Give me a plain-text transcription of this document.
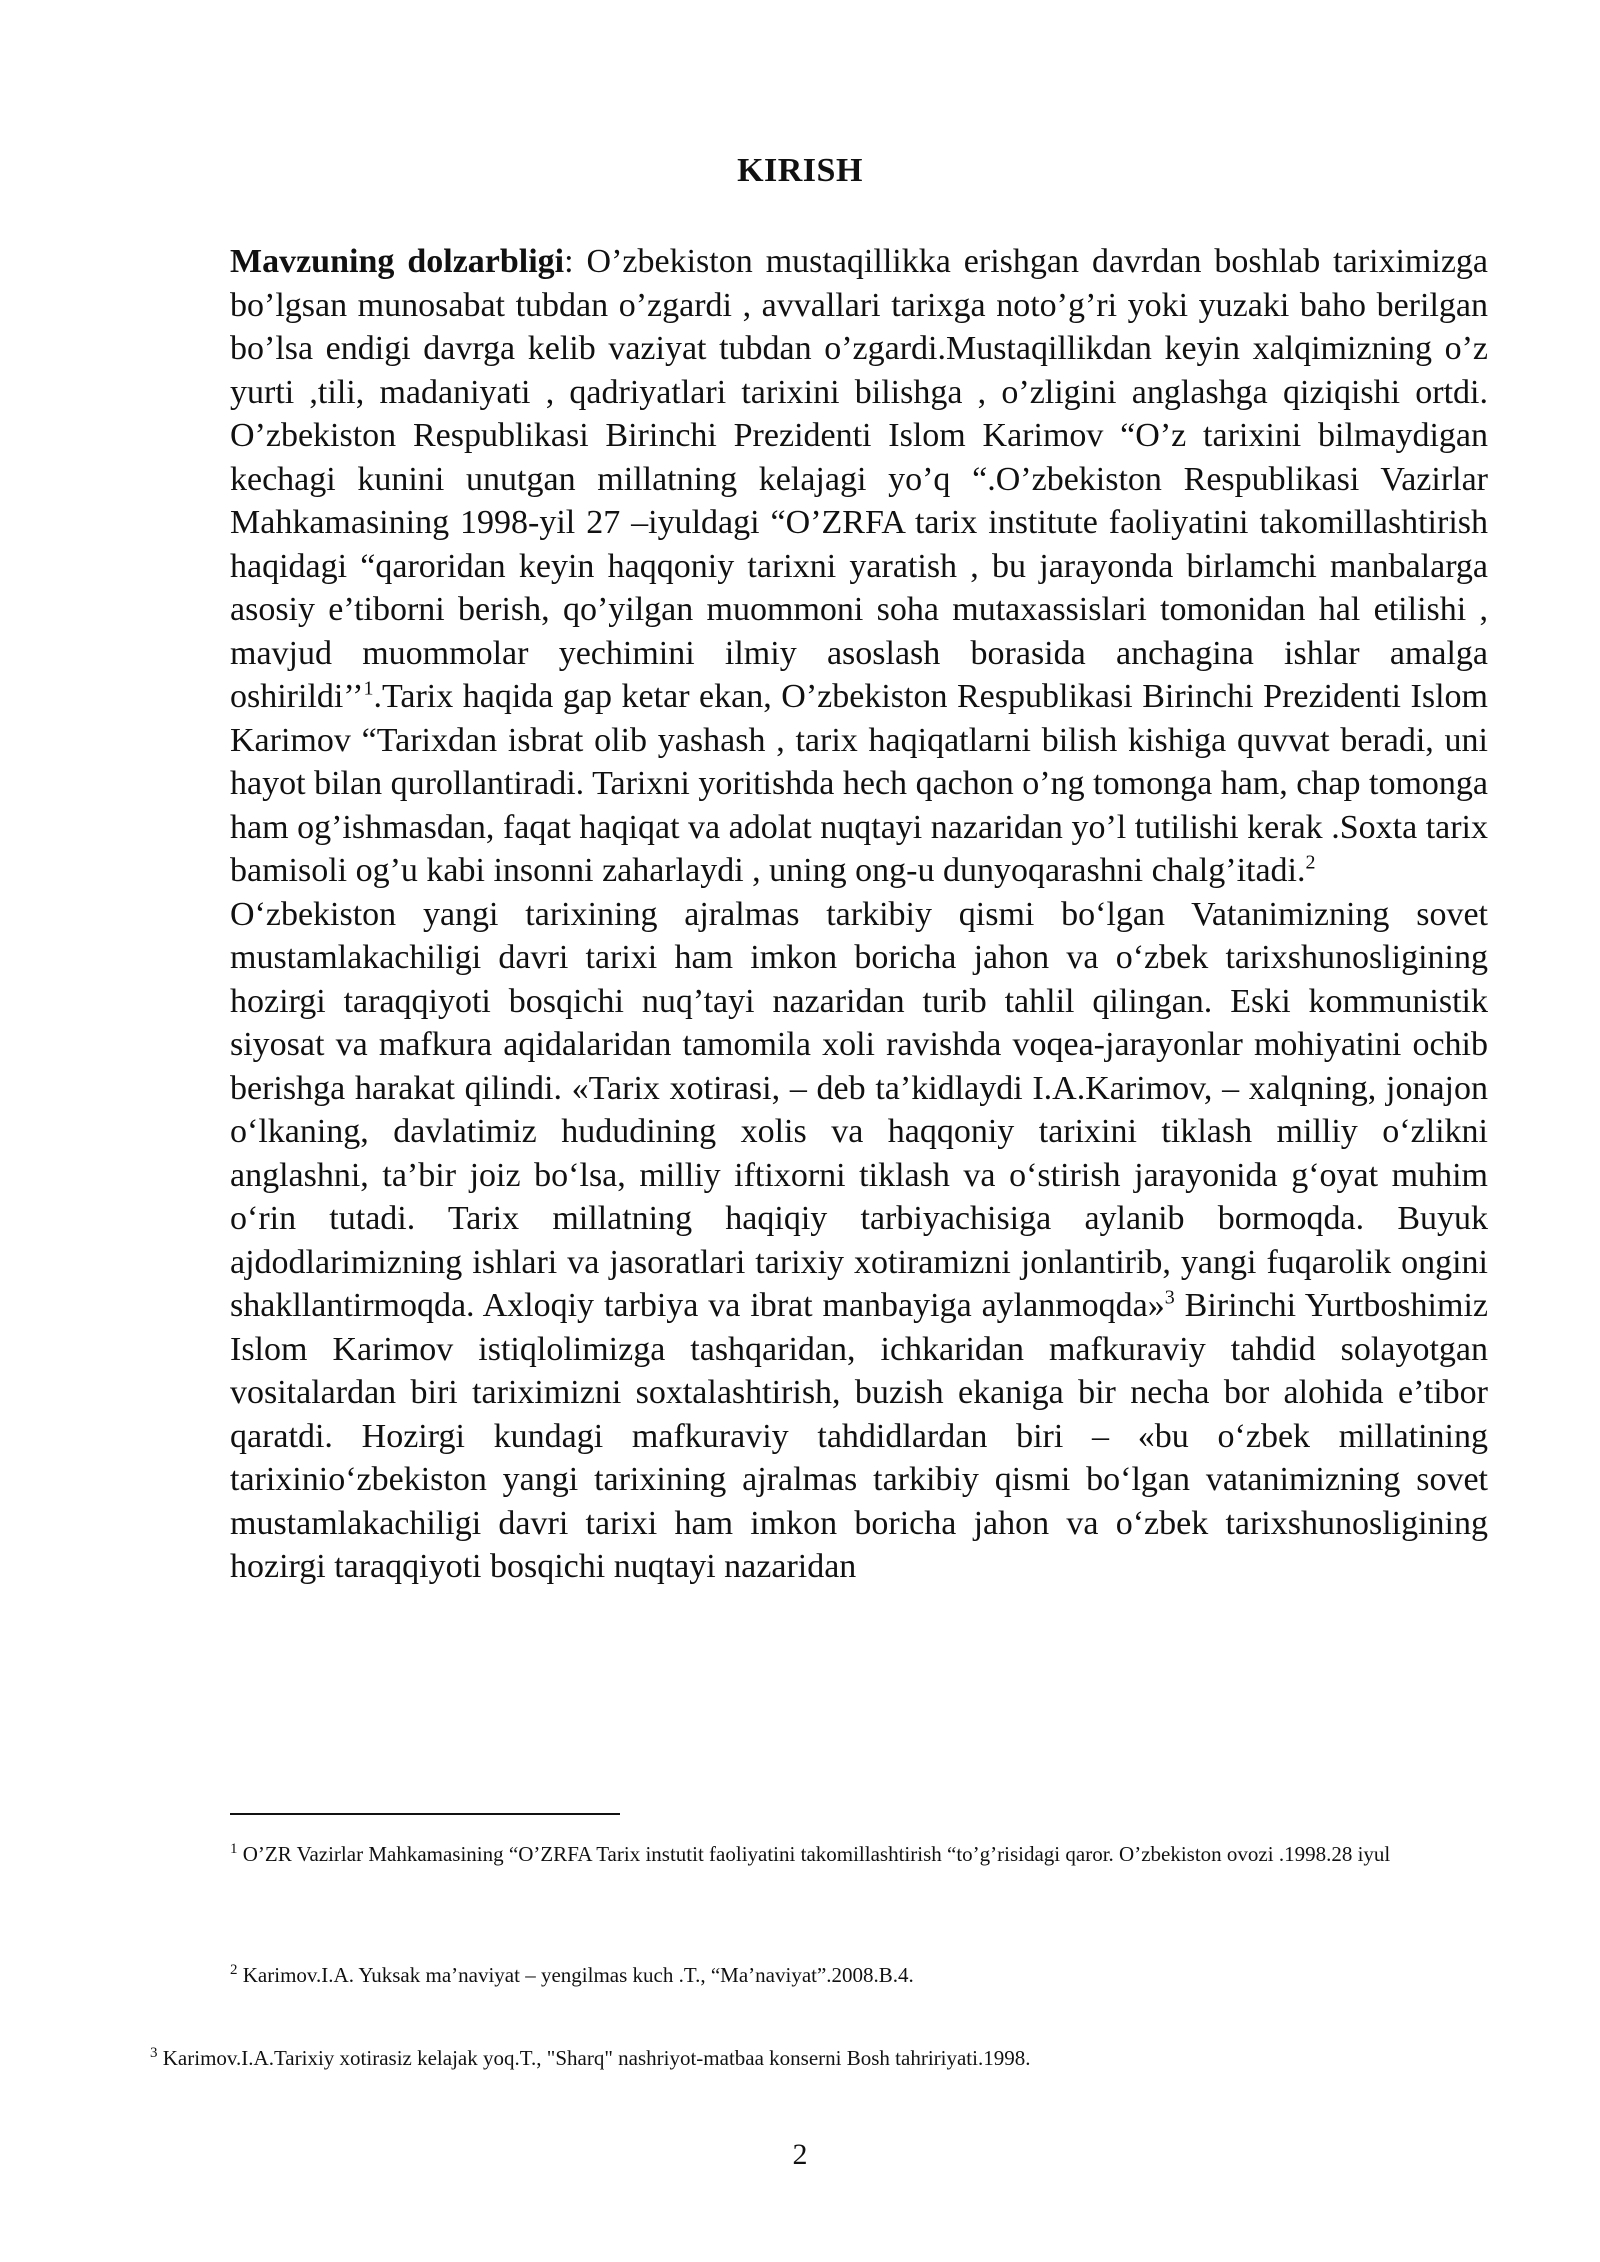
KIRISH

Mavzuning dolzarbligi: O’zbekiston mustaqillikka erishgan davrdan boshlab tariximizga bo’lgsan munosabat tubdan o’zgardi , avvallari tarixga noto’g’ri yoki yuzaki baho berilgan bo’lsa endigi davrga kelib vaziyat tubdan o’zgardi.Mustaqillikdan keyin xalqimizning o’z yurti ,tili, madaniyati , qadriyatlari tarixini bilishga , o’zligini anglashga qiziqishi ortdi. O’zbekiston Respublikasi Birinchi Prezidenti Islom Karimov “O’z tarixini bilmaydigan kechagi kunini unutgan millatning kelajagi yo’q “.O’zbekiston Respublikasi Vazirlar Mahkamasining 1998-yil 27 –iyuldagi “O’ZRFA tarix institute faoliyatini takomillashtirish haqidagi “qaroridan keyin haqqoniy tarixni yaratish , bu jarayonda birlamchi manbalarga asosiy e’tiborni berish, qo’yilgan muommoni soha mutaxassislari tomonidan hal etilishi , mavjud muommolar yechimini ilmiy asoslash borasida anchagina ishlar amalga oshirildi’’$^1$.Tarix haqida gap ketar ekan, O’zbekiston Respublikasi Birinchi Prezidenti Islom Karimov “Tarixdan isbrat olib yashash , tarix haqiqatlarni bilish kishiga quvvat beradi, uni hayot bilan qurollantiradi. Tarixni yoritishda hech qachon o’ng tomonga ham, chap tomonga ham og’ishmasdan, faqat haqiqat va adolat nuqtayi nazaridan yo’l tutilishi kerak .Soxta tarix bamisoli og’u kabi insonni zaharlaydi , uning ong-u dunyoqarashni chalg’itadi.$^2$

O‘zbekiston yangi tarixining ajralmas tarkibiy qismi bo‘lgan Vatanimizning sovet mustamlakachiligi davri tarixi ham imkon boricha jahon va o‘zbek tarixshunosligining hozirgi taraqqiyoti bosqichi nuq’tayi nazaridan turib tahlil qilingan. Eski kommunistik siyosat va mafkura aqidalaridan tamomila xoli ravishda voqea-jarayonlar mohiyatini ochib berishga harakat qilindi. «Tarix xotirasi, – deb ta’kidlaydi I.A.Karimov, – xalqning, jonajon o‘lkaning, davlatimiz hududining xolis va haqqoniy tarixini tiklash milliy o‘zlikni anglashni, ta’bir joiz bo‘lsa, milliy iftixorni tiklash va o‘stirish jarayonida g‘oyat muhim o‘rin tutadi. Tarix millatning haqiqiy tarbiyachisiga aylanib bormoqda. Buyuk ajdodlarimizning ishlari va jasoratlari tarixiy xotiramizni jonlantirib, yangi fuqarolik ongini shakllantirmoqda. Axloqiy tarbiya va ibrat manbayiga aylanmoqda»$^3$ Birinchi Yurtboshimiz Islom Karimov istiqlolimizga tashqaridan, ichkaridan mafkuraviy tahdid solayotgan vositalardan biri tariximizni soxtalashtirish, buzish ekaniga bir necha bor alohida e’tibor qaratdi. Hozirgi kundagi mafkuraviy tahdidlardan biri – «bu o‘zbek millatining tarixinio‘zbekiston yangi tarixining ajralmas tarkibiy qismi bo‘lgan vatanimizning sovet mustamlakachiligi davri tarixi ham imkon boricha jahon va o‘zbek tarixshunosligining hozirgi taraqqiyoti bosqichi nuqtayi nazaridan

$^1$ O’ZR Vazirlar Mahkamasining “O’ZRFA Tarix instutit faoliyatini takomillashtirish “to’g’risidagi qaror. O’zbekiston ovozi .1998.28 iyul
$^2$ Karimov.I.A. Yuksak ma’naviyat – yengilmas kuch .T., “Ma’naviyat”.2008.B.4.
$^3$ Karimov.I.A.Tarixiy xotirasiz kelajak yoq.T., "Sharq" nashriyot-matbaa konserni Bosh tahririyati.1998.
2
